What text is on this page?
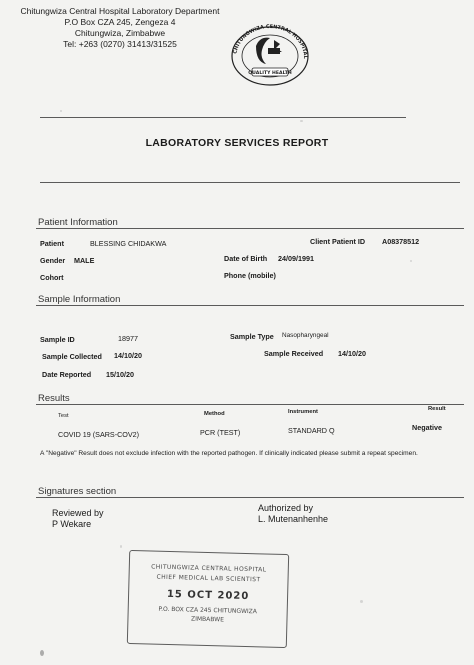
Chitungwiza Central Hospital Laboratory Department
P.O Box CZA 245, Zengeza 4
Chitungwiza, Zimbabwe
Tel: +263 (0270) 31413/31525
CHITUNGWIZA CENTRAL HOSPITAL
QUALITY HEALTH
LABORATORY SERVICES REPORT
Patient Information
Patient	BLESSING CHIDAKWA	Client Patient ID A08378512
Gender MALE	Date of Birth 24/09/1991
Cohort	Phone (mobile)
Sample Information
Sample ID	18977	Sample Type Nasopharyngeal
Sample Collected 14/10/20	Sample Received 14/10/20
Date Reported 15/10/20
Results
Test	Method	Instrument	Result
COVID 19 (SARS-COV2)	PCR (TEST)	STANDARD Q	Negative
A "Negative" Result does not exclude infection with the reported pathogen. If clinically indicated please submit a repeat specimen.
Signatures section
Reviewed by
P Wekare
Authorized by
L. Mutenanhenhe
CHITUNGWIZA CENTRAL HOSPITAL
CHIEF MEDICAL LAB SCIENTIST
15 OCT 2020
P.O. BOX CZA 245 CHITUNGWIZA
ZIMBABWE
